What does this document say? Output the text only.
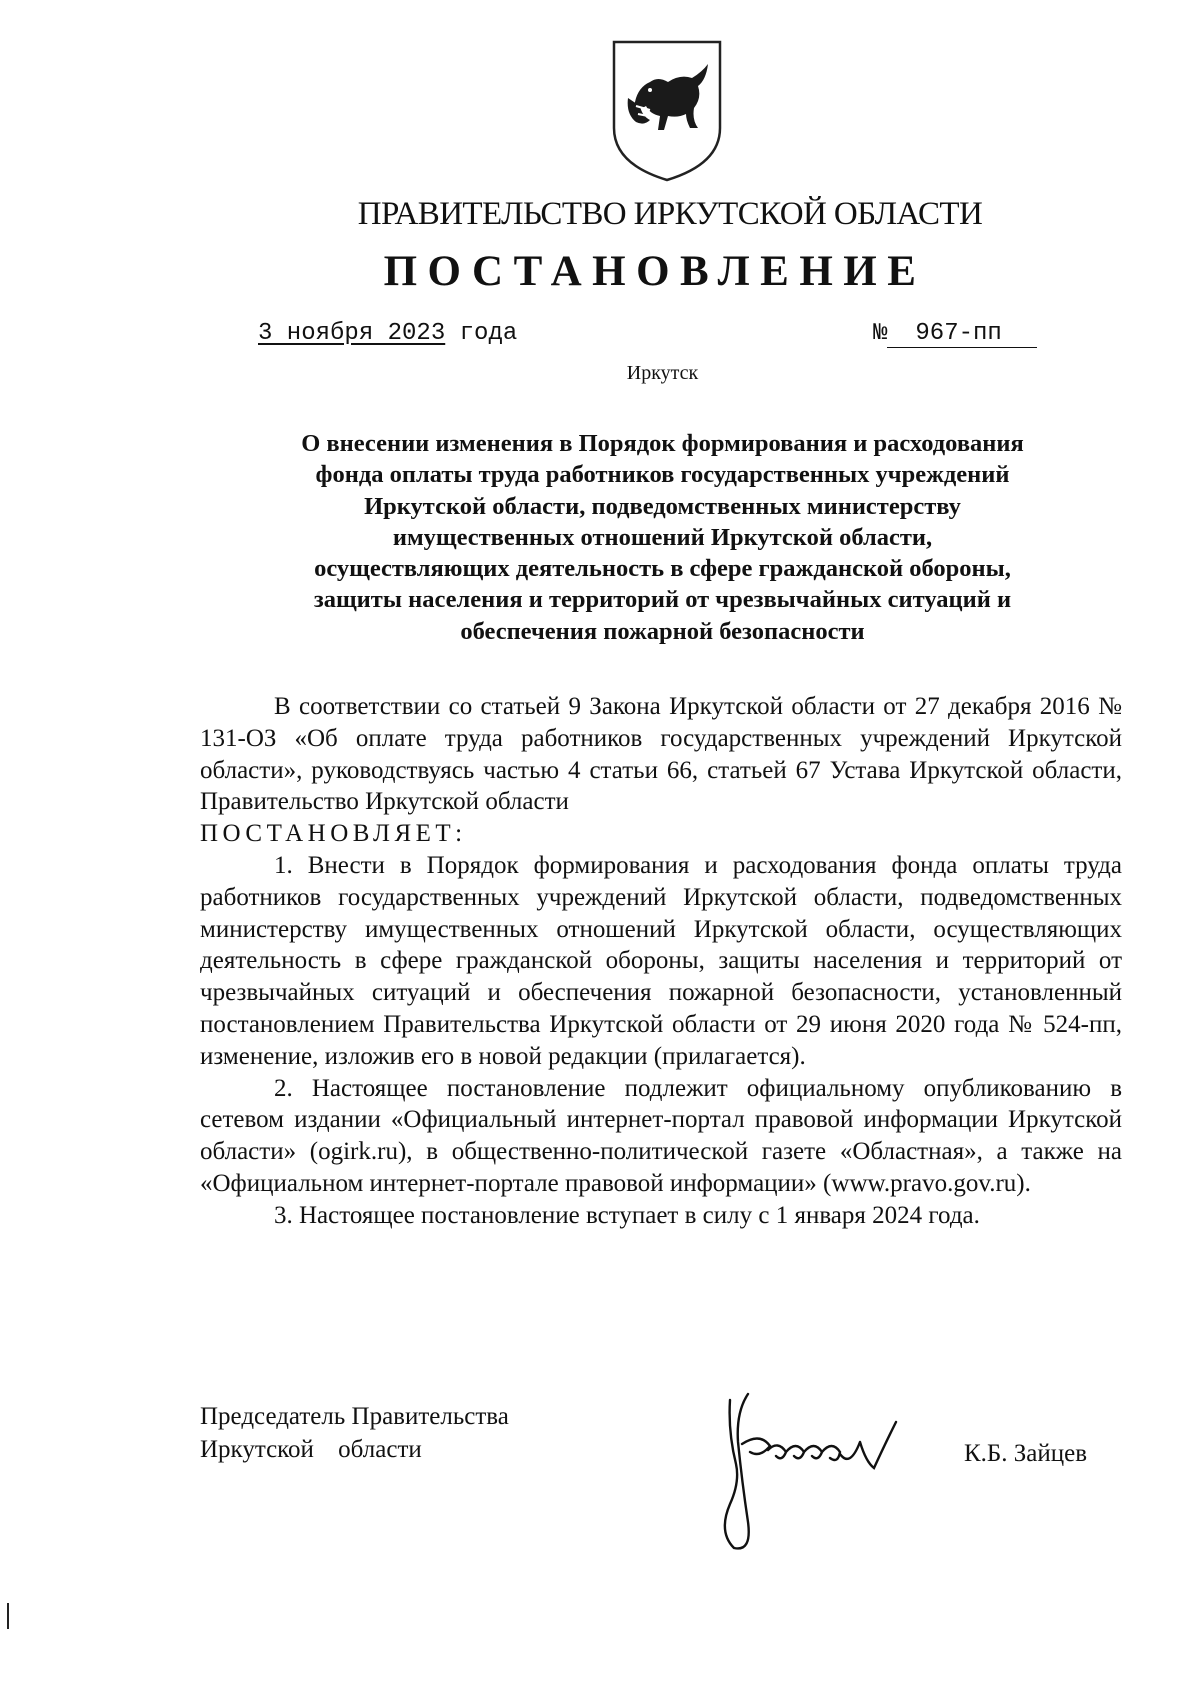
ПРАВИТЕЛЬСТВО ИРКУТСКОЙ ОБЛАСТИ
ПОСТАНОВЛЕНИЕ
3 ноября 2023 года	№ 967-пп
Иркутск
О внесении изменения в Порядок формирования и расходования
фонда оплаты труда работников государственных учреждений
Иркутской области, подведомственных министерству
имущественных отношений Иркутской области,
осуществляющих деятельность в сфере гражданской обороны,
защиты населения и территорий от чрезвычайных ситуаций и
обеспечения пожарной безопасности

В соответствии со статьей 9 Закона Иркутской области от 27 декабря 2016 № 131-ОЗ «Об оплате труда работников государственных учреждений Иркутской области», руководствуясь частью 4 статьи 66, статьей 67 Устава Иркутской области, Правительство Иркутской области

ПОСТАНОВЛЯЕТ:

1. Внести в Порядок формирования и расходования фонда оплаты труда работников государственных учреждений Иркутской области, подведомственных министерству имущественных отношений Иркутской области, осуществляющих деятельность в сфере гражданской обороны, защиты населения и территорий от чрезвычайных ситуаций и обеспечения пожарной безопасности, установленный постановлением Правительства Иркутской области от 29 июня 2020 года № 524-пп, изменение, изложив его в новой редакции (прилагается).

2. Настоящее постановление подлежит официальному опубликованию в сетевом издании «Официальный интернет-портал правовой информации Иркутской области» (ogirk.ru), в общественно-политической газете «Областная», а также на «Официальном интернет-портале правовой информации» (www.pravo.gov.ru).

3. Настоящее постановление вступает в силу с 1 января 2024 года.

Председатель Правительства
Иркутской области	К.Б. Зайцев
